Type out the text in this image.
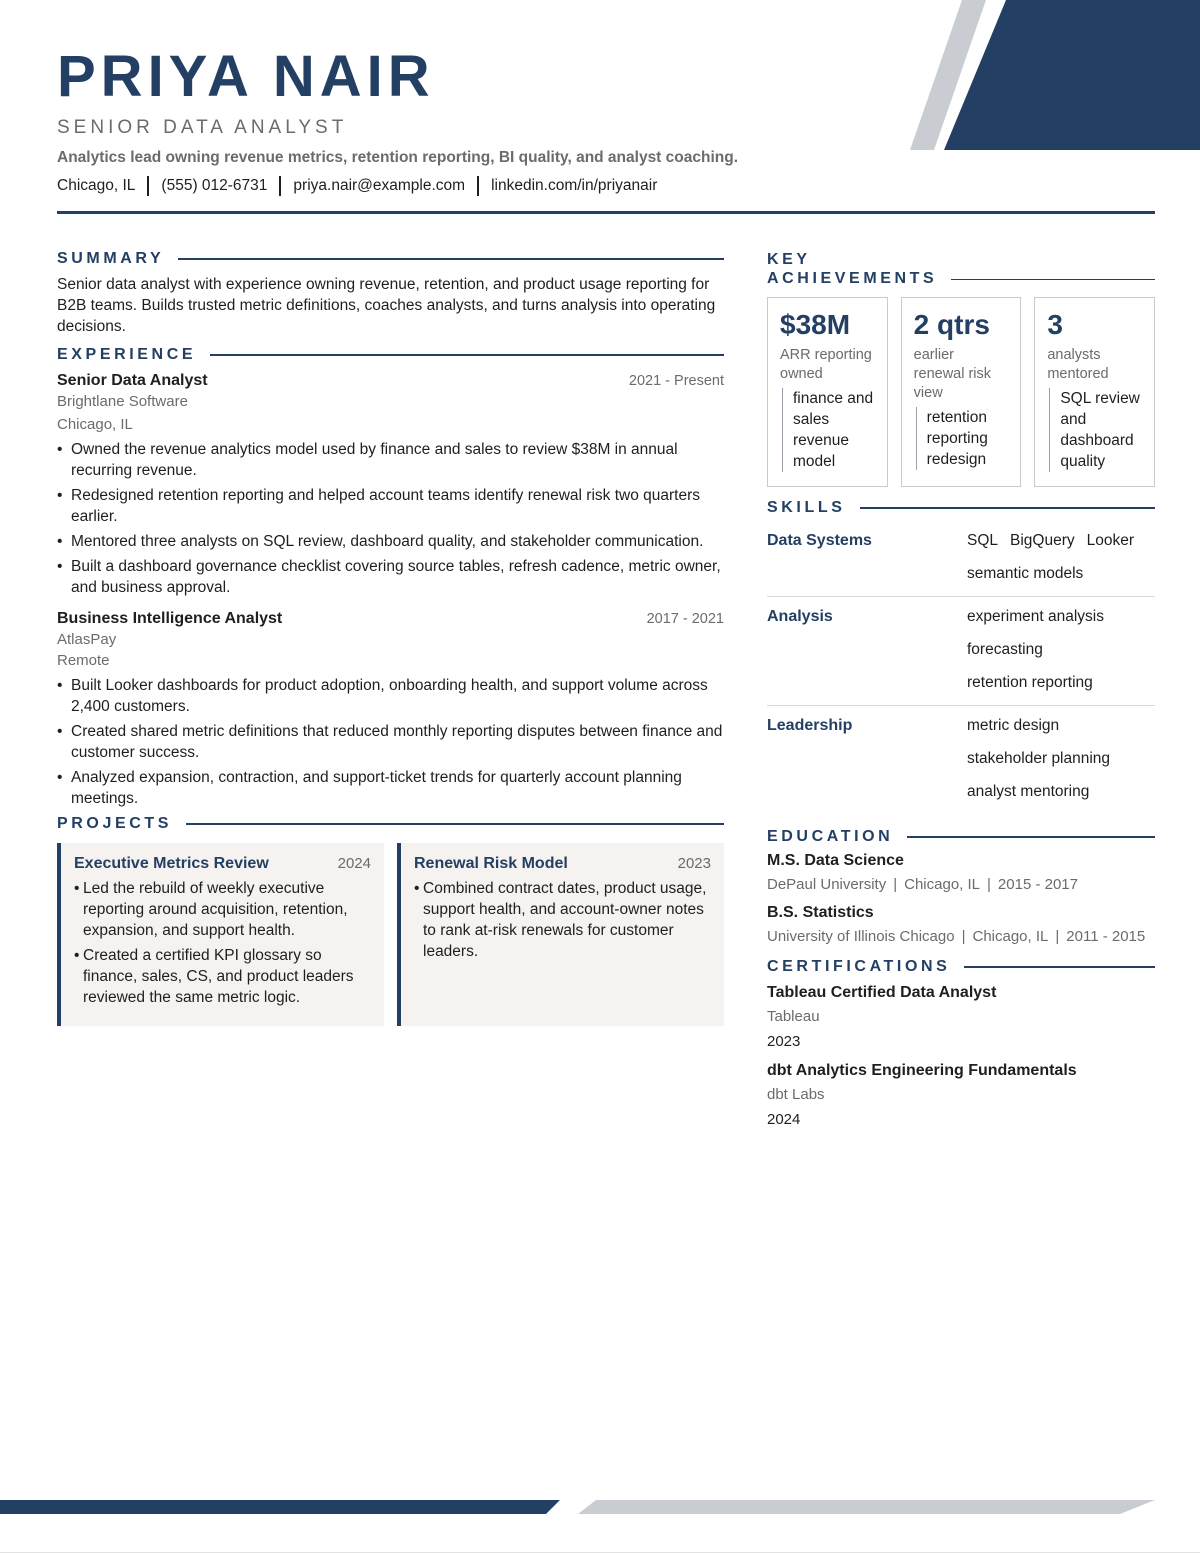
PRIYA NAIR
SENIOR DATA ANALYST
Analytics lead owning revenue metrics, retention reporting, BI quality, and analyst coaching.
Chicago, IL (555) 012-6731 priya.nair@example.com linkedin.com/in/priyanair
SUMMARY

Senior data analyst with experience owning revenue, retention, and product usage reporting for B2B teams. Builds trusted metric definitions, coaches analysts, and turns analysis into operating decisions.

EXPERIENCE
Senior Data Analyst	2021 - Present
Brightlane Software
Chicago, IL
• Owned the revenue analytics model used by finance and sales to review $38M in annual recurring revenue.
• Redesigned retention reporting and helped account teams identify renewal risk two quarters earlier.
• Mentored three analysts on SQL review, dashboard quality, and stakeholder communication.
• Built a dashboard governance checklist covering source tables, refresh cadence, metric owner, and business approval.
Business Intelligence Analyst	2017 - 2021
AtlasPay
Remote
• Built Looker dashboards for product adoption, onboarding health, and support volume across 2,400 customers.
• Created shared metric definitions that reduced monthly reporting disputes between finance and customer success.
• Analyzed expansion, contraction, and support-ticket trends for quarterly account planning meetings.
PROJECTS
Executive Metrics Review	2024
• Led the rebuild of weekly executive reporting around acquisition, retention, expansion, and support health.
• Created a certified KPI glossary so finance, sales, CS, and product leaders reviewed the same metric logic.
Renewal Risk Model	2023
• Combined contract dates, product usage, support health, and account-owner notes to rank at-risk renewals for customer leaders.
KEY
ACHIEVEMENTS
$38M
ARR reporting owned
finance and sales revenue model
2 qtrs
earlier renewal risk view
retention reporting redesign
3
analysts mentored
SQL review and dashboard quality
SKILLS
Data Systems	SQL BigQuery Looker
semantic models
Analysis	experiment analysis
forecasting
retention reporting
Leadership	metric design
stakeholder planning
analyst mentoring
EDUCATION
M.S. Data Science
DePaul University | Chicago, IL | 2015 - 2017
B.S. Statistics
University of Illinois Chicago | Chicago, IL | 2011 - 2015
CERTIFICATIONS
Tableau Certified Data Analyst
Tableau
2023
dbt Analytics Engineering Fundamentals
dbt Labs
2024
